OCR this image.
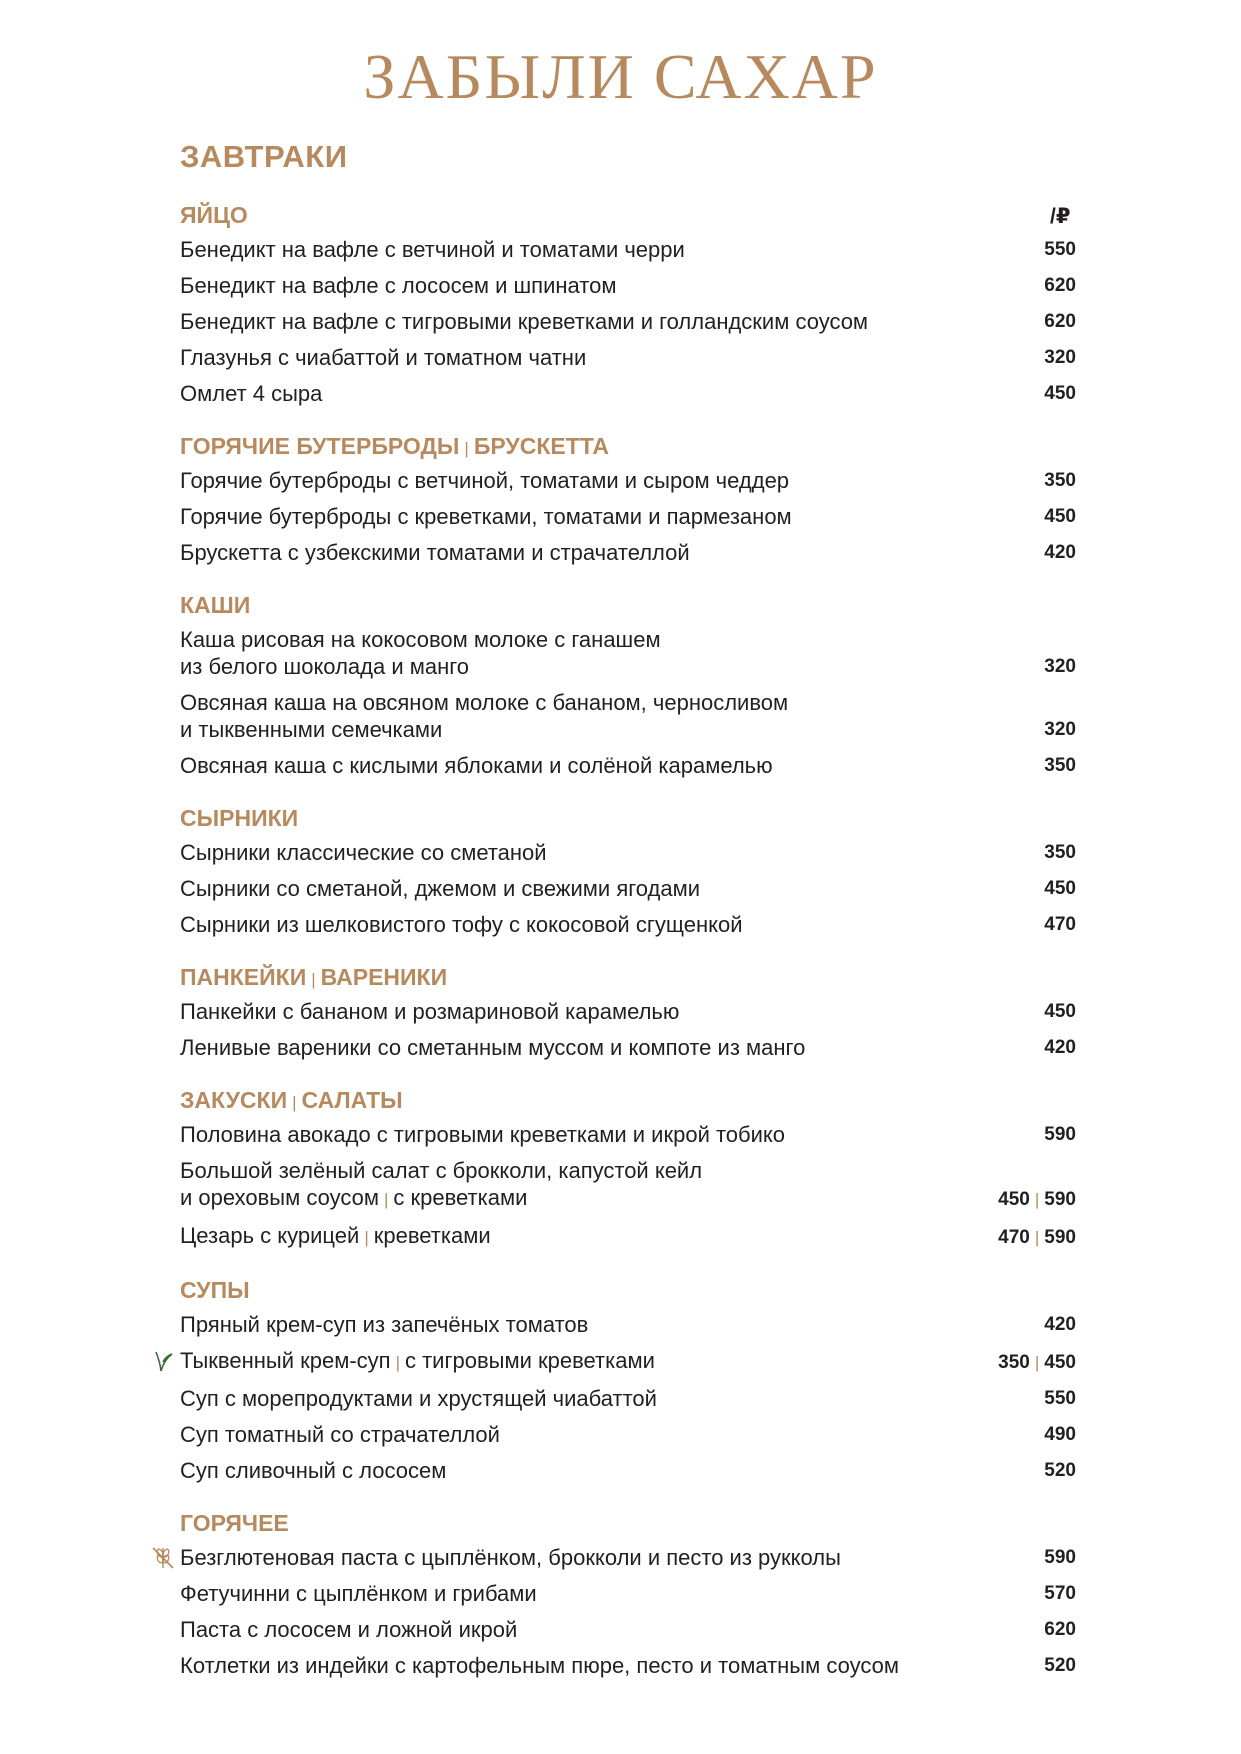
ЗАБЫЛИ САХАР
ЗАВТРАКИ
/₽
ЯЙЦО
Бенедикт на вафле с ветчиной и томатами черри	550
Бенедикт на вафле с лососем и шпинатом	620
Бенедикт на вафле с тигровыми креветками и голландским соусом	620
Глазунья с чиабаттой и томатном чатни	320
Омлет 4 сыра	450
ГОРЯЧИЕ БУТЕРБРОДЫ | БРУСКЕТТА
Горячие бутерброды с ветчиной, томатами и сыром чеддер	350
Горячие бутерброды с креветками, томатами и пармезаном	450
Брускетта с узбекскими томатами и страчателлой	420
КАШИ
Каша рисовая на кокосовом молоке с ганашем
из белого шоколада и манго	320
Овсяная каша на овсяном молоке с бананом, черносливом
и тыквенными семечками	320
Овсяная каша с кислыми яблоками и солёной карамелью	350
СЫРНИКИ
Сырники классические со сметаной	350
Сырники со сметаной, джемом и свежими ягодами	450
Сырники из шелковистого тофу с кокосовой сгущенкой	470
ПАНКЕЙКИ | ВАРЕНИКИ
Панкейки с бананом и розмариновой карамелью	450
Ленивые вареники со сметанным муссом и компоте из манго	420
ЗАКУСКИ | САЛАТЫ
Половина авокадо с тигровыми креветками и икрой тобико	590
Большой зелёный салат с брокколи, капустой кейл
и ореховым соусом | с креветками	450 | 590
Цезарь с курицей | креветками	470 | 590
СУПЫ
Пряный крем-суп из запечёных томатов	420
Тыквенный крем-суп | с тигровыми креветками	350 | 450
Суп с морепродуктами и хрустящей чиабаттой	550
Суп томатный со страчателлой	490
Суп сливочный с лососем	520
ГОРЯЧЕЕ
Безглютеновая паста с цыплёнком, брокколи и песто из рукколы	590
Фетучинни с цыплёнком и грибами	570
Паста с лососем и ложной икрой	620
Котлетки из индейки с картофельным пюре, песто и томатным соусом	520
